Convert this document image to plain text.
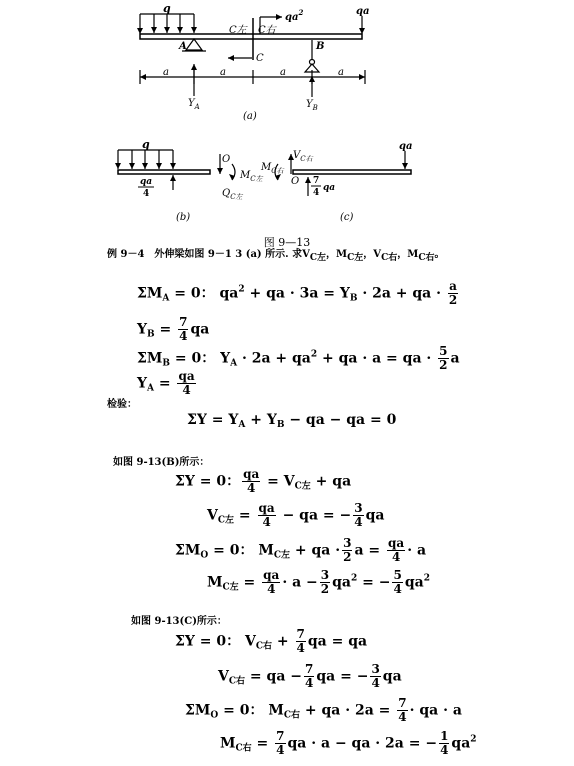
q
$qa^2$	qa
C左 C右
A	B
C
a	a	a	a
$Y_A$	$Y_B$
(a)
q
O
$M_{C左}$
qa
4	$Q_{C左}$
(b)
$M_{C右}$
$V_{C右}$
O 7
4 qa
qa
(c)
图 9—13
例 9－4 外伸梁如图 9－1 3 (a) 所示. 求VC左，MC左，VC右，MC右。
$\Sigma M_A = 0$： $qa^2$ + qa · $3a = Y_B \cdot 2a$ + qa · $\frac{a}{2}$
$Y_B = \frac{7}{4}$ qa
$\Sigma M_B = 0$： $Y_A \cdot 2a + qa^2$ + qa · a = qa · $\frac{5}{2}$ a
$Y_A = \frac{qa}{4}$
检验：
$\Sigma Y = Y_A + Y_B$ − qa − qa = 0
如图 9-13(B)所示：
ΣY = 0： $\frac{qa}{4} = V_{C左}$ + qa
$V_{C左} = \frac{qa}{4}$ − qa = − $\frac{3}{4}$ qa
$\Sigma M_O = 0$： $M_{C左}$ + qa · $\frac{3}{2}$ $a = \frac{qa}{4} \cdot a$
$M_{C左} = \frac{qa}{4} \cdot a - \frac{3}{2} qa^2$ = − $\frac{5}{4} qa^2$
如图 9-13(C)所示：
ΣY = 0： $V_{C右} + \frac{7}{4}$ qa = qa
$V_{C右}$ = qa − $\frac{7}{4}$ qa = − $\frac{3}{4}$ qa
$\Sigma M_O = 0$： $M_{C右}$ + qa · $2a = \frac{7}{4}$ · qa · a
$M_{C右} = \frac{7}{4}$ qa · a − qa · 2a = − $\frac{1}{4} qa^2$
